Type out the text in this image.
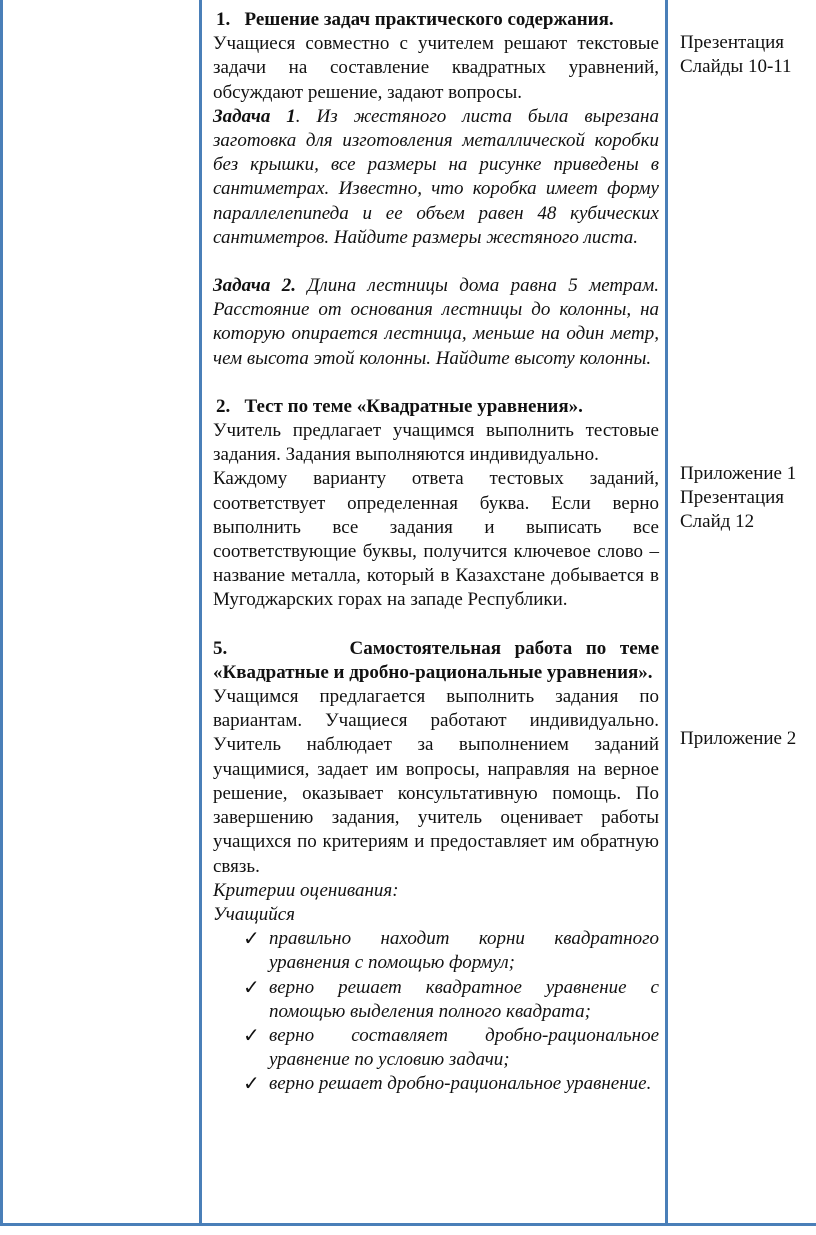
1.   Решение задач практического содержания.

Учащиеся совместно с учителем решают текстовые задачи на составление квадратных уравнений, обсуждают решение, задают вопросы.

Задача 1. Из жестяного листа была вырезана заготовка для изготовления металлической коробки без крышки, все размеры на рисунке приведены в сантиметрах. Известно, что коробка имеет форму параллелепипеда и ее объем равен 48 кубических сантиметров. Найдите размеры жестяного листа.

Задача 2. Длина лестницы дома равна 5 метрам. Расстояние от основания лестницы до колонны, на которую опирается лестница, меньше на один метр, чем высота этой колонны. Найдите высоту колонны.

2.   Тест по теме «Квадратные уравнения».

Учитель предлагает учащимся выполнить тестовые задания. Задания выполняются индивидуально.

Каждому варианту ответа тестовых заданий, соответствует определенная буква. Если верно выполнить все задания и выписать все соответствующие буквы, получится ключевое слово – название металла, который в Казахстане добывается в Мугоджарских горах на западе Республики.

5.         Самостоятельная работа по теме «Квадратные и дробно-рациональные уравнения».

Учащимся предлагается выполнить задания по вариантам. Учащиеся работают индивидуально. Учитель наблюдает за выполнением заданий учащимися, задает им вопросы, направляя на верное решение, оказывает консультативную помощь. По завершению задания, учитель оценивает работы учащихся по критериям и предоставляет им обратную связь.

Критерии оценивания:

Учащийся

✓ правильно находит корни квадратного уравнения с помощью формул;
✓ верно решает квадратное уравнение с помощью выделения полного квадрата;
✓ верно составляет дробно-рациональное уравнение по условию задачи;
✓ верно решает дробно-рациональное уравнение.
Презентация
Слайды 10-11
Приложение 1
Презентация
Слайд 12
Приложение 2
